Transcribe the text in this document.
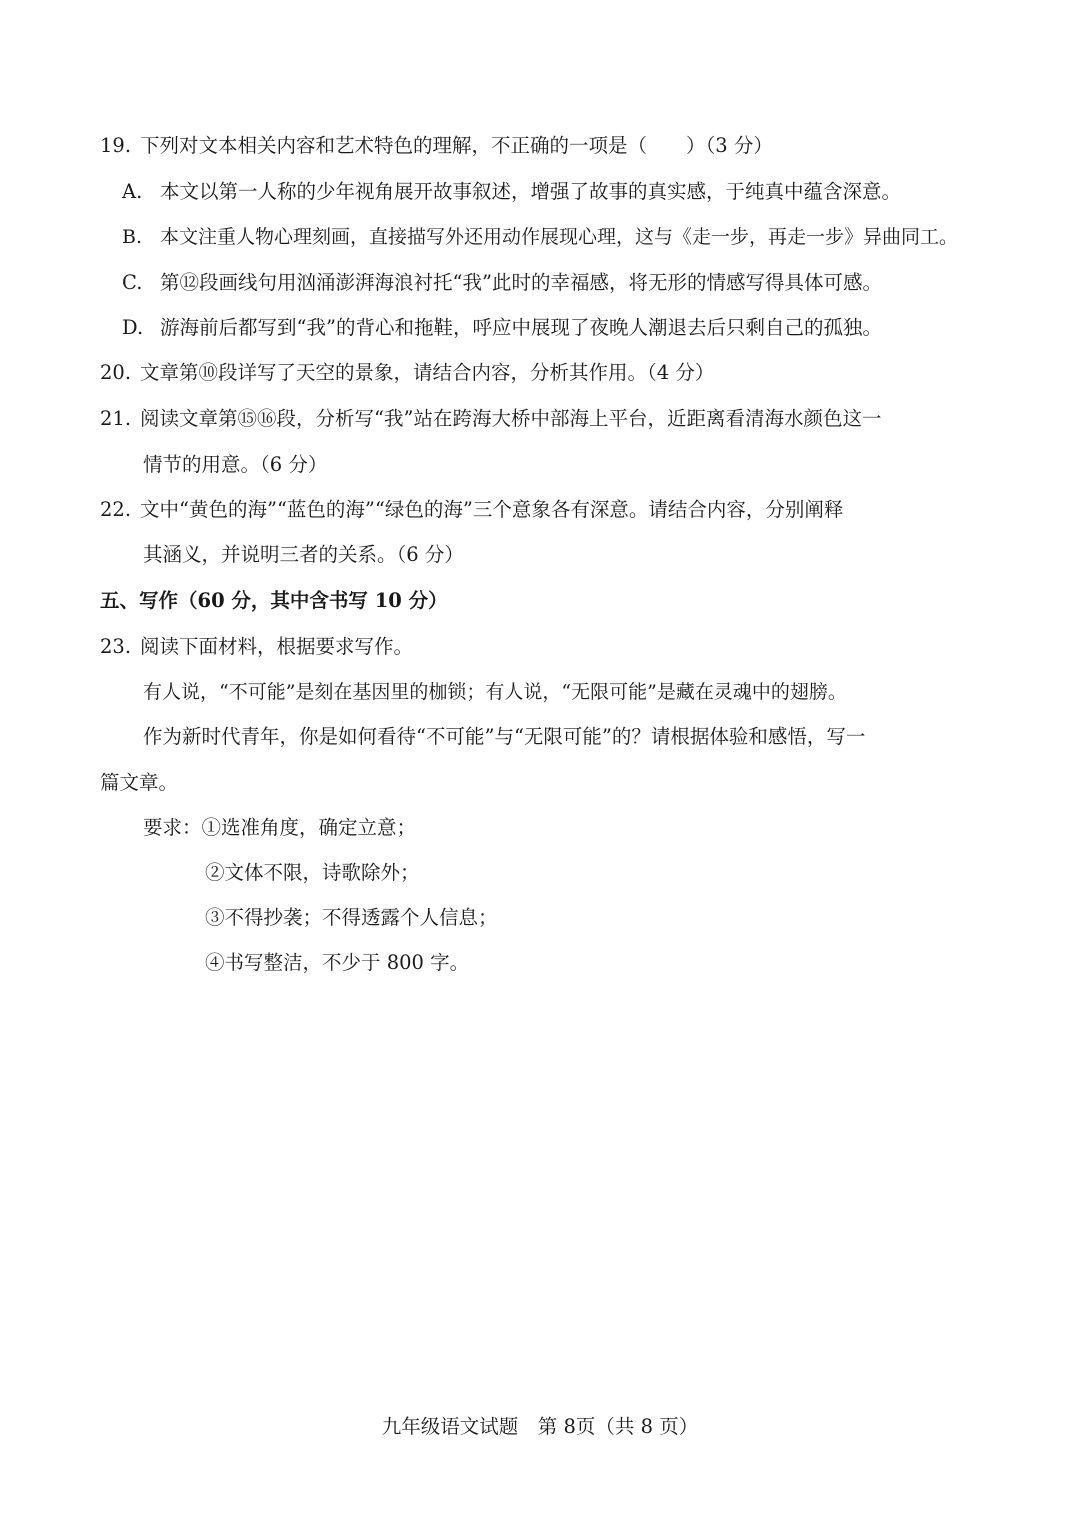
19. 下列对文本相关内容和艺术特色的理解，不正确的一项是（　　）（3 分）
A. 本文以第一人称的少年视角展开故事叙述，增强了故事的真实感，于纯真中蕴含深意。
B. 本文注重人物心理刻画，直接描写外还用动作展现心理，这与《走一步，再走一步》异曲同工。
C. 第⑫段画线句用汹涌澎湃海浪衬托“我”此时的幸福感，将无形的情感写得具体可感。
D. 游海前后都写到“我”的背心和拖鞋，呼应中展现了夜晚人潮退去后只剩自己的孤独。
20. 文章第⑩段详写了天空的景象，请结合内容，分析其作用。（4 分）
21. 阅读文章第⑮⑯段，分析写“我”站在跨海大桥中部海上平台，近距离看清海水颜色这一
情节的用意。（6 分）
22. 文中“黄色的海”“蓝色的海”“绿色的海”三个意象各有深意。请结合内容，分别阐释
其涵义，并说明三者的关系。（6 分）
五、写作（60 分，其中含书写 10 分）
23. 阅读下面材料，根据要求写作。
有人说，“不可能”是刻在基因里的枷锁；有人说，“无限可能”是藏在灵魂中的翅膀。
作为新时代青年，你是如何看待“不可能”与“无限可能”的？请根据体验和感悟，写一
篇文章。
要求：①选准角度，确定立意；
②文体不限，诗歌除外；
③不得抄袭；不得透露个人信息；
④书写整洁，不少于 800 字。
九年级语文试题　第 8页（共 8 页）
